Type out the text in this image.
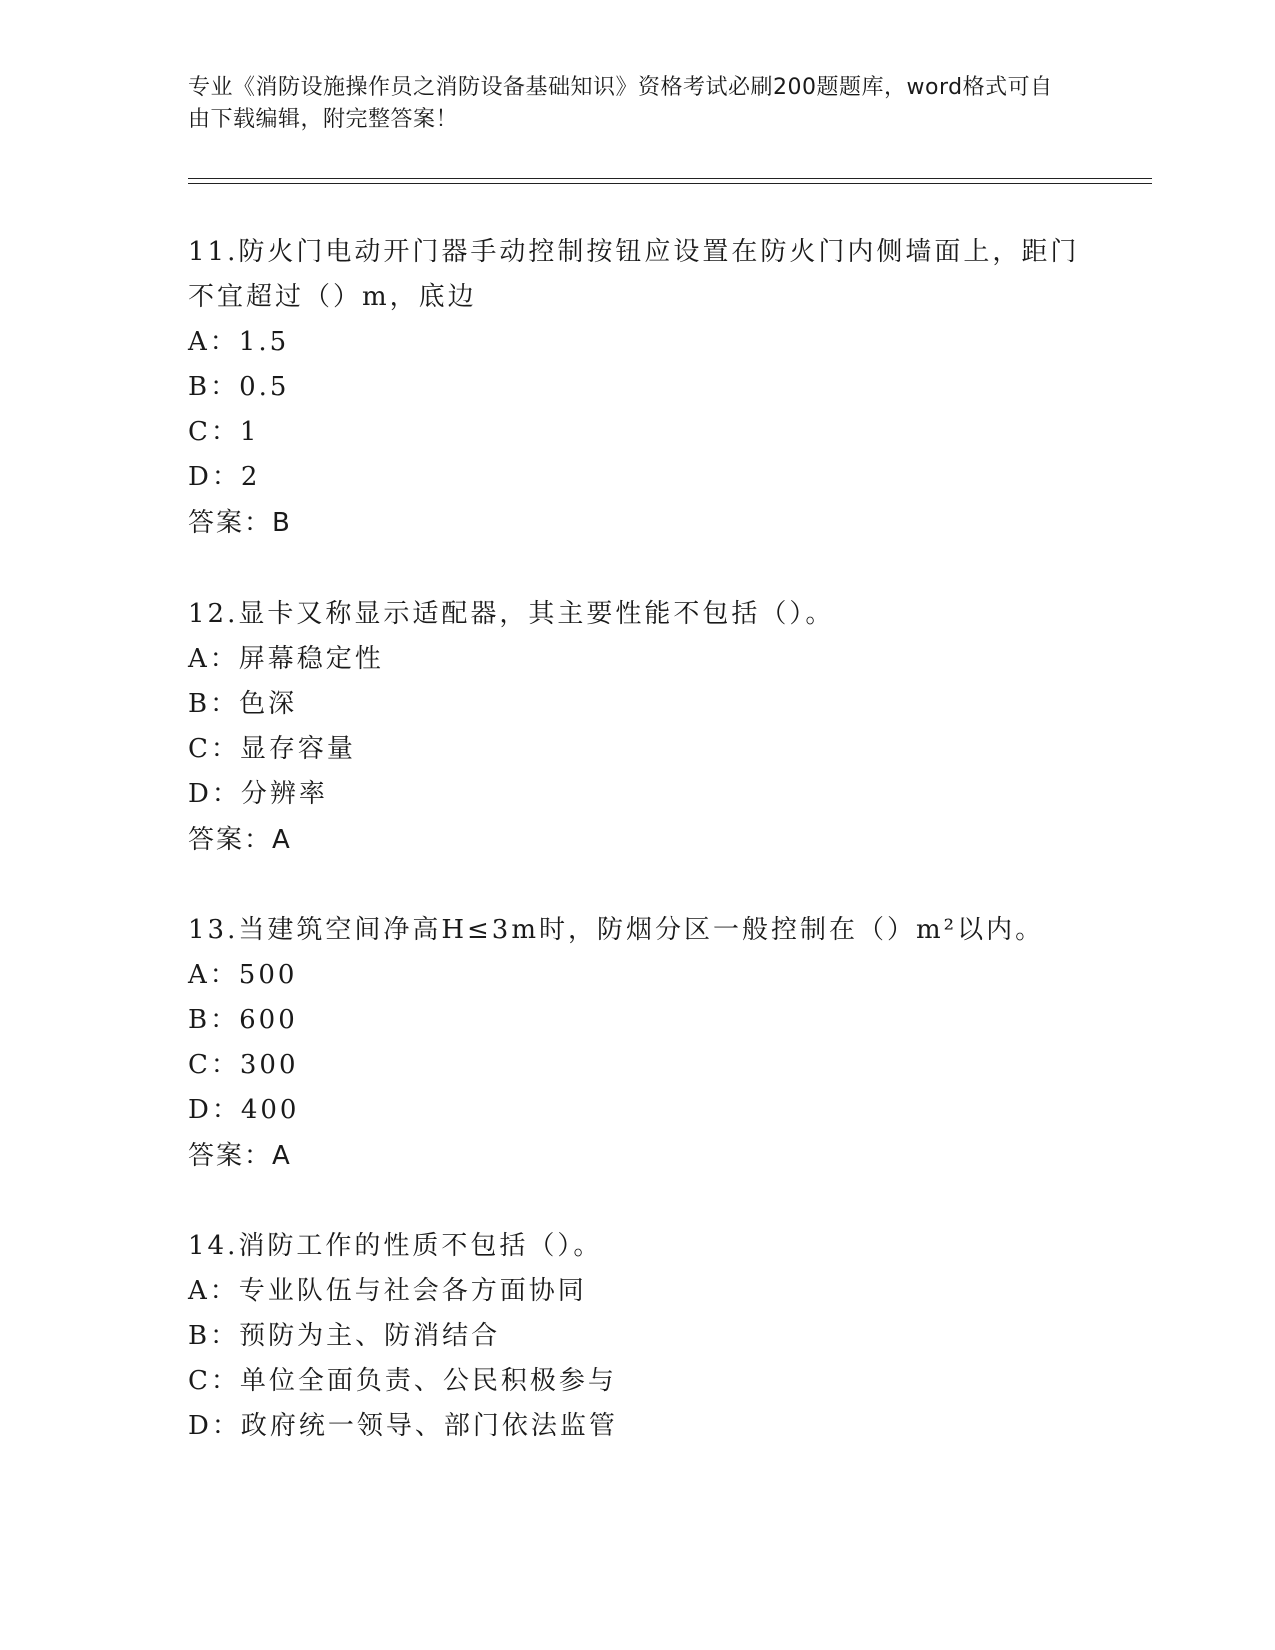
专业《消防设施操作员之消防设备基础知识》资格考试必刷200题题库，word格式可自由下载编辑，附完整答案！
11.防火门电动开门器手动控制按钮应设置在防火门内侧墙面上，距门不宜超过（）m，底边
A：1.5
B：0.5
C：1
D：2
答案：B
12.显卡又称显示适配器，其主要性能不包括（）。
A：屏幕稳定性
B：色深
C：显存容量
D：分辨率
答案：A
13.当建筑空间净高H≤3m时，防烟分区一般控制在（）m²以内。
A：500
B：600
C：300
D：400
答案：A
14.消防工作的性质不包括（）。
A：专业队伍与社会各方面协同
B：预防为主、防消结合
C：单位全面负责、公民积极参与
D：政府统一领导、部门依法监管
